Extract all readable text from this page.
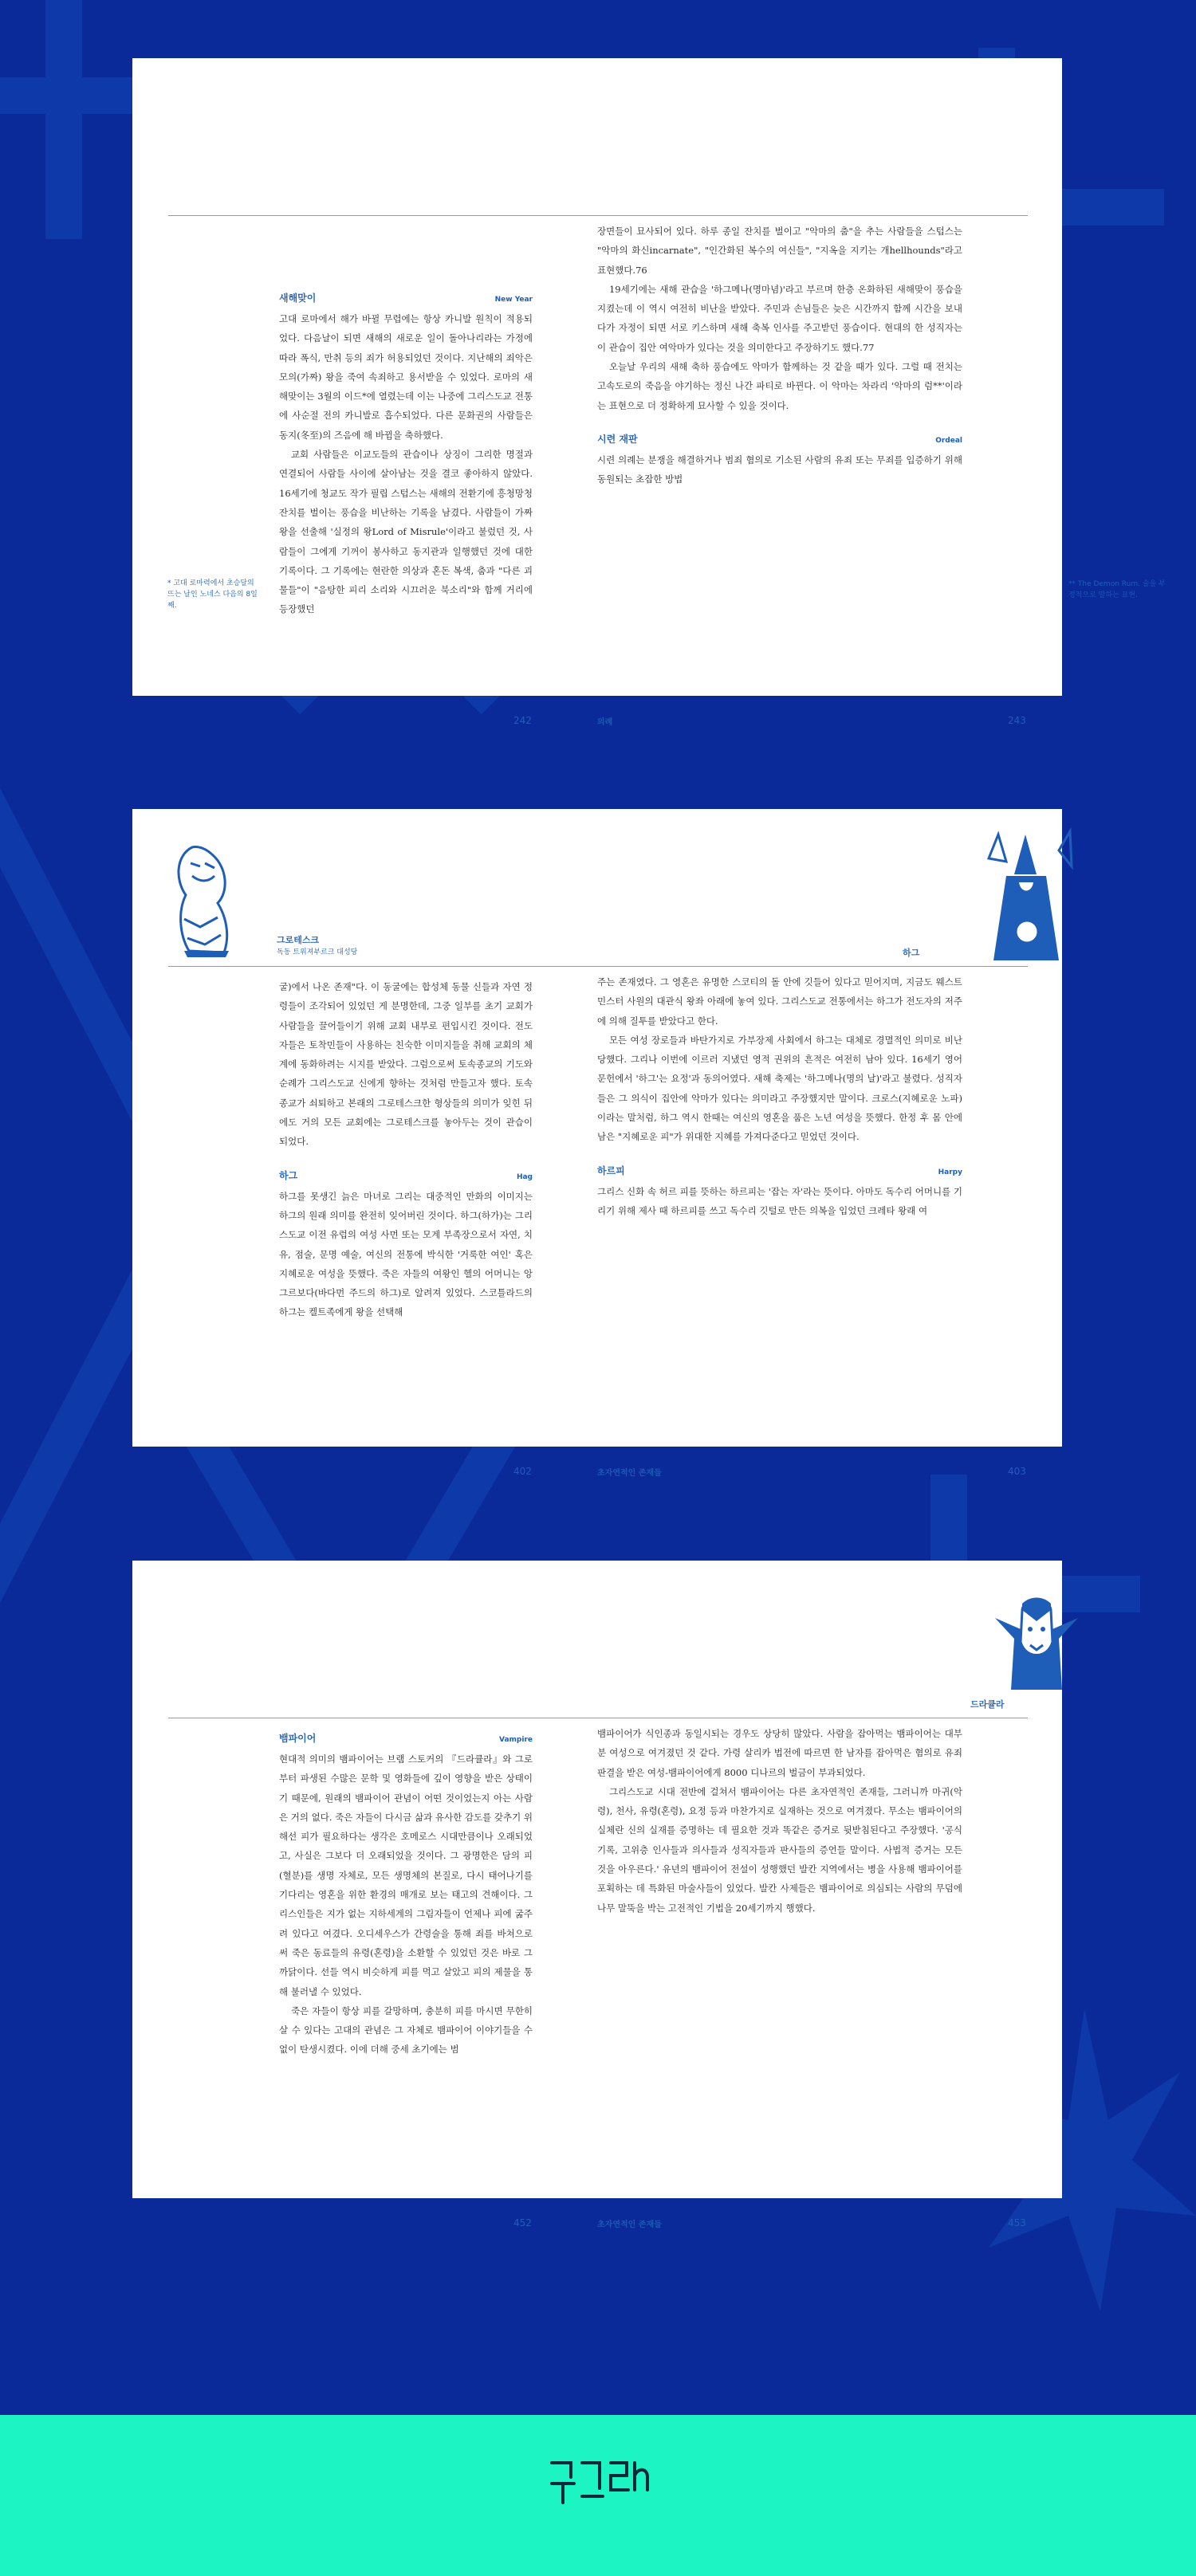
새해맞이	New Year

고대 로마에서 해가 바뀔 무렵에는 항상 카니발 원칙이 적용되었다. 다음날이 되면 새해의 새로운 일이 돌아나리라는 가정에 따라 폭식, 만취 등의 죄가 허용되었던 것이다. 지난해의 죄악은 모의(가짜) 왕을 죽여 속죄하고 용서받을 수 있었다. 로마의 새해맞이는 3월의 이드*에 열렸는데 이는 나중에 그리스도교 전통에 사순절 전의 카니발로 흡수되었다. 다른 문화권의 사람들은 동지(冬至)의 즈음에 해 바뀜을 축하했다.

교회 사람들은 이교도들의 관습이나 상징이 그리한 명절과 연결되어 사람들 사이에 살아남는 것을 결코 좋아하지 않았다. 16세기에 청교도 작가 필립 스텁스는 새해의 전환기에 흥청망청 잔치를 벌이는 풍습을 비난하는 기록을 남겼다. 사람들이 가짜 왕을 선출해 '실정의 왕Lord of Misrule'이라고 불렀던 것, 사람들이 그에게 기꺼이 봉사하고 동지관과 일행했던 것에 대한 기록이다. 그 기록에는 현란한 의상과 혼돈 복색, 춤과 "다른 괴물들"이 "음탕한 피리 소리와 시끄러운 북소리"와 함께 거리에 등장했던

* 고대 로마력에서 초승달의 뜨는 날인 노네스 다음의 8일째.
242

장면들이 묘사되어 있다. 하루 종일 잔치를 벌이고 "악마의 춤"을 추는 사람들을 스텁스는 "악마의 화신incarnate", "인간화된 복수의 여신들", "지옥을 지키는 개hellhounds"라고 표현했다.76

19세기에는 새해 관습을 '하그메나(명마념)'라고 부르며 한층 온화하된 새해맞이 풍습을 지켰는데 이 역시 여전히 비난을 받았다. 주민과 손님들은 늦은 시간까지 함께 시간을 보내다가 자정이 되면 서로 키스하며 새해 축복 인사를 주고받던 풍습이다. 현대의 한 성직자는 이 관습이 집안 여악마가 있다는 것을 의미한다고 주장하기도 했다.77

오늘날 우리의 새해 축하 풍습에도 악마가 함께하는 것 같을 때가 있다. 그럴 때 전치는 고속도로의 죽음을 야기하는 정신 나간 파티로 바뀐다. 이 악마는 차라리 '악마의 럼**'이라는 표현으로 더 정확하게 묘사할 수 있을 것이다.

시련 재판	Ordeal

시련 의례는 분쟁을 해결하거나 범죄 혐의로 기소된 사람의 유죄 또는 무죄를 입증하기 위해 동원되는 초잡한 방법

** The Demon Rum. 술을 부정적으로 말하는 표현.
의례	243
그로테스크
독동 트위져부르크 대성당

굴)에서 나온 존재"다. 이 동굴에는 합성체 동물 신들과 자연 정령들이 조각되어 있었던 게 분명한데, 그중 일부를 초기 교회가 사람들을 끌어들이기 위해 교회 내부로 편입시킨 것이다. 전도자들은 토착민들이 사용하는 친숙한 이미지들을 취해 교회의 체계에 동화하려는 시지를 받았다. 그럼으로써 토속종교의 기도와 순례가 그리스도교 신에게 향하는 것처럼 만들고자 했다. 토속종교가 쇠퇴하고 본래의 그로테스크한 형상들의 의미가 잊힌 뒤에도 거의 모든 교회에는 그로테스크를 놓아두는 것이 관습이 되었다.

하그	Hag

하그를 못생긴 늙은 마녀로 그리는 대중적인 만화의 이미지는 하그의 원래 의미를 완전히 잊어버린 것이다. 하그(하가)는 그리스도교 이전 유럽의 여성 사먼 또는 모계 부족장으로서 자연, 치유, 점술, 문명 예술, 여신의 전통에 박식한 '거룩한 여인' 혹은 지혜로운 여성을 뜻했다. 죽은 자들의 여왕인 헬의 어머니는 앙그르보다(바다먼 주드의 하그)로 알려져 있었다. 스코틀라드의 하그는 켈트족에게 왕을 선택해

402
하그

주는 존재였다. 그 영혼은 유명한 스코티의 돌 안에 깃들어 있다고 믿어지며, 지금도 웨스트민스터 사원의 대관식 왕좌 아래에 놓여 있다. 그리스도교 전통에서는 하그가 전도자의 저주에 의해 질투를 받았다고 한다.

모든 여성 장로들과 바탄가지로 가부장제 사회에서 하그는 대체로 경멸적인 의미로 비난당했다. 그리나 이번에 이르러 지냈던 영적 권위의 흔적은 여전히 남아 있다. 16세기 영어 문헌에서 '하그'는 요정'과 동의어였다. 새해 축제는 '하그메나(명의 날)'라고 불렸다. 성직자들은 그 의식이 집안에 악마가 있다는 의미라고 주장했지만 말이다. 크로스(지혜로운 노파)이라는 말처럼, 하그 역시 한때는 여신의 영혼을 품은 노년 여성을 뜻했다. 한정 후 몸 안에 남은 "지혜로운 피"가 위대한 지혜를 가져다준다고 믿었던 것이다.

하르피	Harpy

그리스 신화 속 허르 피를 뜻하는 하르피는 '잡는 자'라는 뜻이다. 아마도 독수리 어머니를 기리기 위해 제사 때 하르피를 쓰고 독수리 깃털로 만든 의복을 입었던 크레타 왕래 여

초자연적인 존재들	403
뱀파이어	Vampire

현대적 의미의 뱀파이어는 브램 스토커의 『드라큘라』와 그로부터 파생된 수많은 문학 및 영화들에 깊이 영향을 받은 상태이기 때문에, 원래의 뱀파이어 관념이 어떤 것이었는지 아는 사람은 거의 없다. 죽은 자들이 다시금 삶과 유사한 감도를 갖추기 위해선 피가 필요하다는 생각은 호메로스 시대만큼이나 오래되었고, 사실은 그보다 더 오래되었을 것이다. 그 광명한은 담의 피(혈분)를 생명 자체로, 모든 생명체의 본질로, 다시 태어나기를 기다리는 영혼을 위한 환경의 매개로 보는 태고의 견해이다. 그리스인들은 지가 없는 지하세계의 그림자들이 언제나 피에 굶주려 있다고 여겼다. 오디세우스가 간령술을 통해 죄를 바쳐으로써 죽은 동료들의 유령(혼령)을 소환할 수 있었던 것은 바로 그 까닭이다. 선들 역시 비슷하게 피를 먹고 살았고 피의 제물을 통해 불러낼 수 있었다.

죽은 자들이 항상 피를 갈망하며, 충분히 피를 마시면 무한히 살 수 있다는 고대의 관념은 그 자체로 뱀파이어 이야기들을 수없이 탄생시켰다. 이에 더해 중세 초기에는 범

452
드라큘라

뱀파이어가 식인종과 동일시되는 경우도 상당히 많았다. 사람을 잡아먹는 뱀파이어는 대부분 여성으로 여겨졌던 것 같다. 가령 살리카 법전에 따르면 한 남자를 잡아먹은 혐의로 유죄 판결을 받은 여성-뱀파이어에게 8000 디나르의 벌금이 부과되었다.

그리스도교 시대 전반에 걸쳐서 뱀파이어는 다른 초자연적인 존재들, 그러니까 마귀(악령), 천사, 유령(혼령), 요정 등과 마찬가지로 실재하는 것으로 여겨졌다. 무소는 뱀파이어의 실체란 신의 실재를 증명하는 데 필요한 것과 똑같은 증거로 뒷받침된다고 주장했다. '공식 기록, 고위층 인사들과 의사들과 성직자들과 판사들의 증언들 말이다. 사법적 증거는 모든 것을 아우른다.' 유년의 뱀파이어 전설이 성행했던 발칸 지역에서는 병을 사용해 뱀파이어를 포획하는 데 특화된 마술사들이 있었다. 발칸 사제들은 뱀파이어로 의심되는 사람의 무덤에 나무 말뚝을 박는 고전적인 기법을 20세기까지 행했다.

초자연적인 존재들	453
